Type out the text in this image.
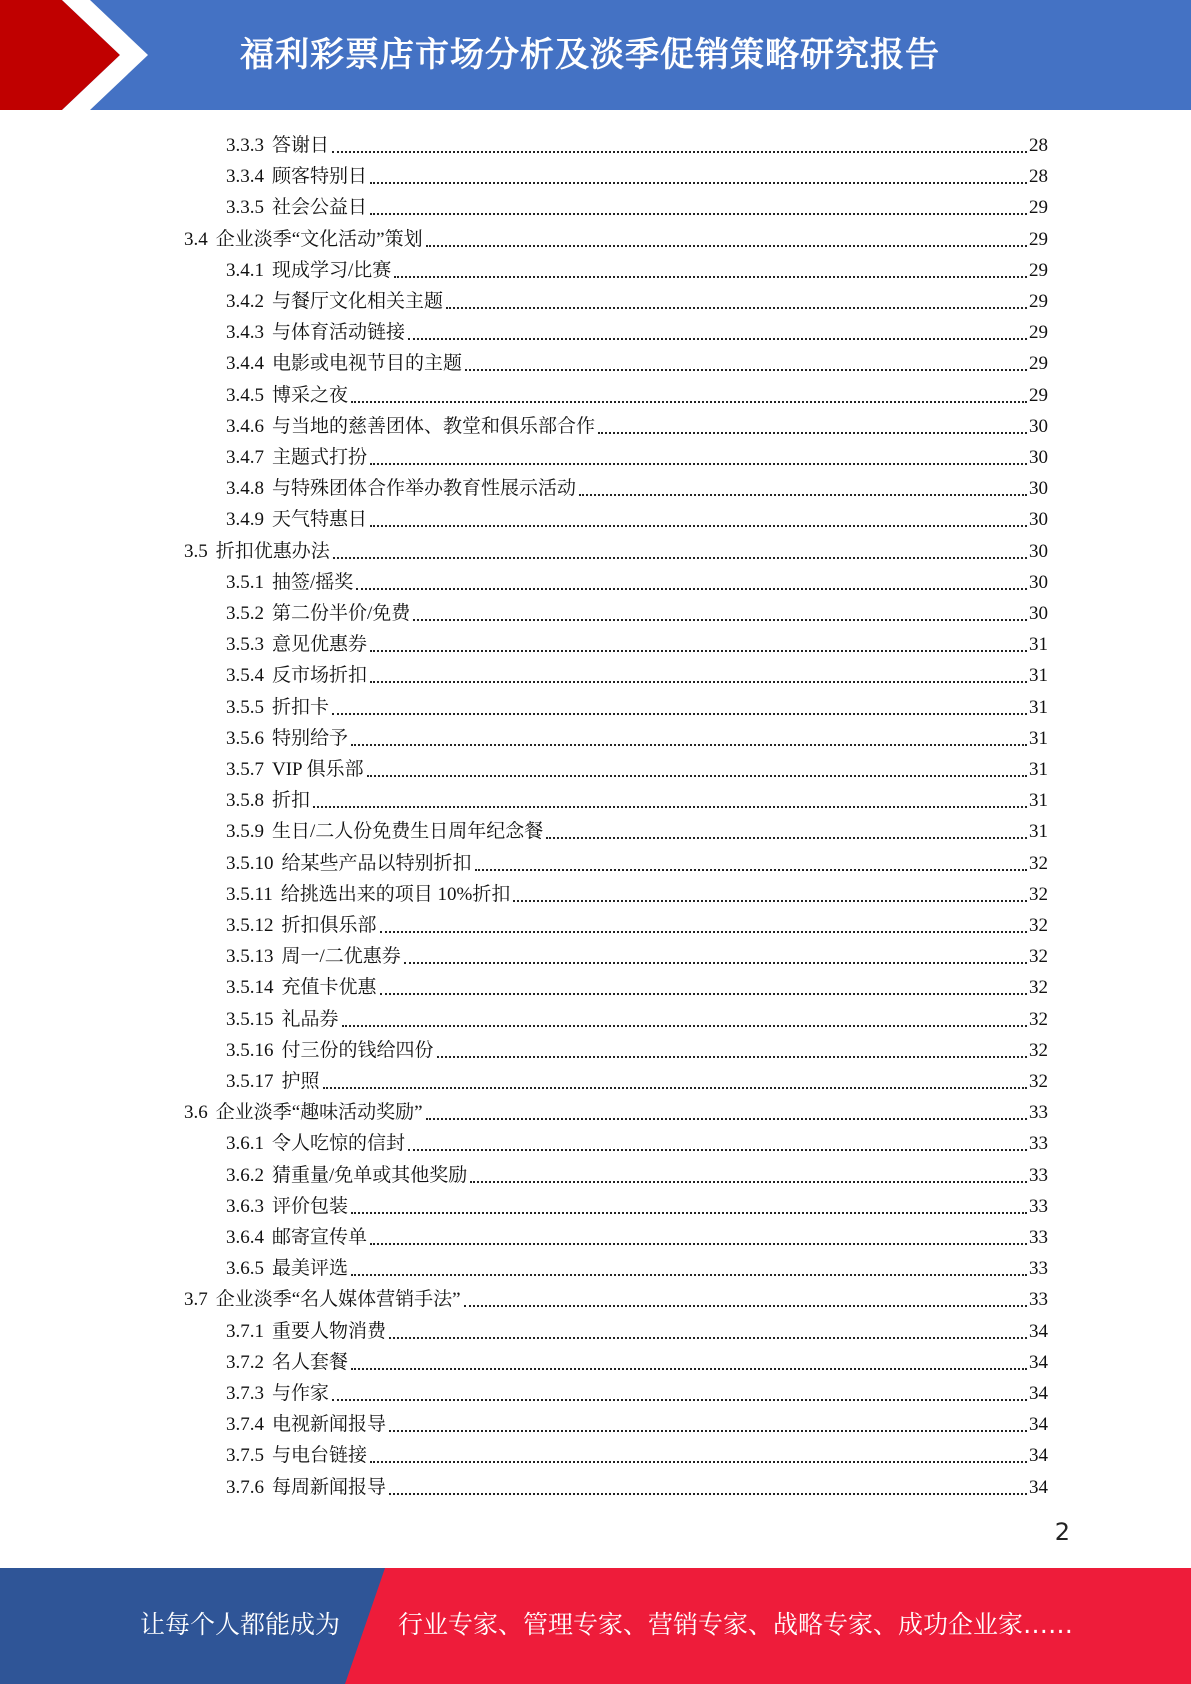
福利彩票店市场分析及淡季促销策略研究报告
3.3.3 答谢日	28
3.3.4 顾客特别日	28
3.3.5 社会公益日	29
3.4 企业淡季“文化活动”策划	29
3.4.1 现成学习/比赛	29
3.4.2 与餐厅文化相关主题	29
3.4.3 与体育活动链接	29
3.4.4 电影或电视节目的主题	29
3.4.5 博采之夜	29
3.4.6 与当地的慈善团体、教堂和俱乐部合作	30
3.4.7 主题式打扮	30
3.4.8 与特殊团体合作举办教育性展示活动	30
3.4.9 天气特惠日	30
3.5 折扣优惠办法	30
3.5.1 抽签/摇奖	30
3.5.2 第二份半价/免费	30
3.5.3 意见优惠券	31
3.5.4 反市场折扣	31
3.5.5 折扣卡	31
3.5.6 特别给予	31
3.5.7 VIP 俱乐部	31
3.5.8 折扣	31
3.5.9 生日/二人份免费生日周年纪念餐	31
3.5.10 给某些产品以特别折扣	32
3.5.11 给挑选出来的项目 10%折扣	32
3.5.12 折扣俱乐部	32
3.5.13 周一/二优惠券	32
3.5.14 充值卡优惠	32
3.5.15 礼品券	32
3.5.16 付三份的钱给四份	32
3.5.17 护照	32
3.6 企业淡季“趣味活动奖励”	33
3.6.1 令人吃惊的信封	33
3.6.2 猜重量/免单或其他奖励	33
3.6.3 评价包装	33
3.6.4 邮寄宣传单	33
3.6.5 最美评选	33
3.7 企业淡季“名人媒体营销手法”	33
3.7.1 重要人物消费	34
3.7.2 名人套餐	34
3.7.3 与作家	34
3.7.4 电视新闻报导	34
3.7.5 与电台链接	34
3.7.6 每周新闻报导	34
2
让每个人都能成为 行业专家、管理专家、营销专家、战略专家、成功企业家……
